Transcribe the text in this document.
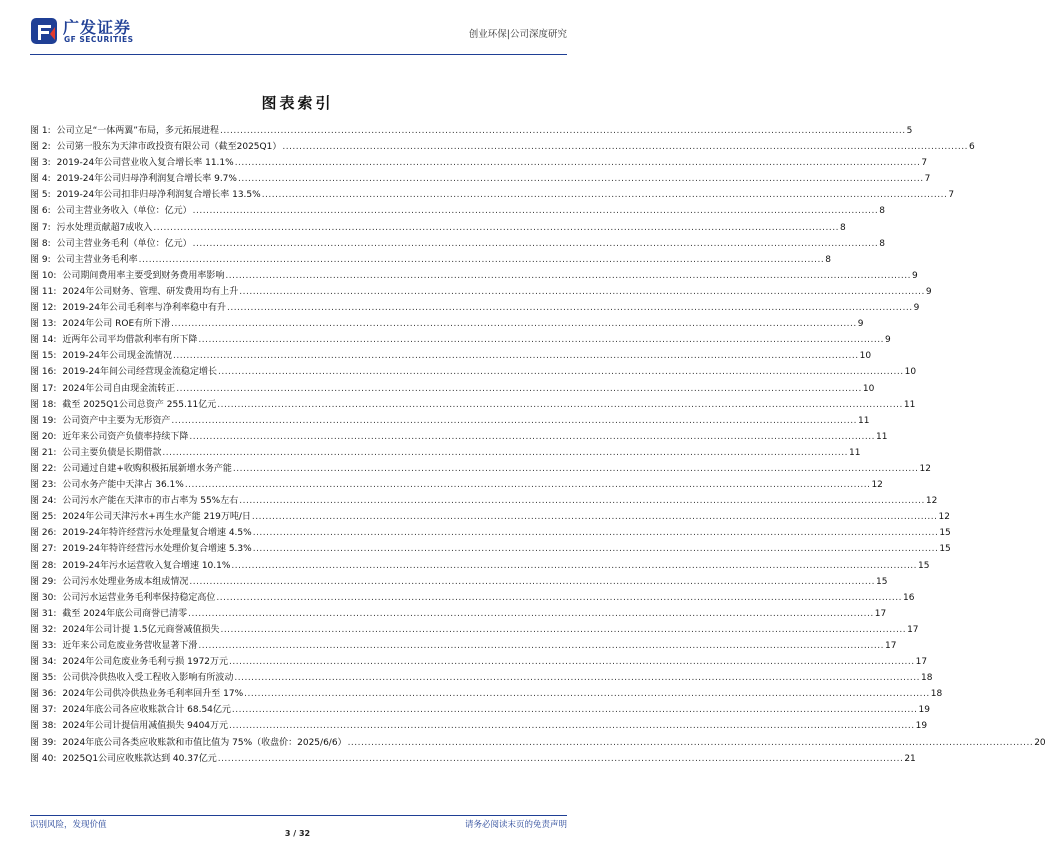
广发证券
GF SECURITIES	创业环保|公司深度研究
图表索引
图 1: 公司立足“一体两翼”布局，多元拓展进程 .....	5
图 2: 公司第一股东为天津市政投资有限公司（截至2025Q1） .....	6
图 3: 2019-24年公司营业收入复合增长率 11.1% .....	7
图 4: 2019-24年公司归母净利润复合增长率 9.7% .....	7
图 5: 2019-24年公司扣非归母净利润复合增长率 13.5% .....	7
图 6: 公司主营业务收入（单位：亿元） .....	8
图 7: 污水处理贡献超7成收入 .....	8
图 8: 公司主营业务毛利（单位：亿元） .....	8
图 9: 公司主营业务毛利率 .....	8
图 10: 公司期间费用率主要受到财务费用率影响 .....	9
图 11: 2024年公司财务、管理、研发费用均有上升 .....	9
图 12: 2019-24年公司毛利率与净利率稳中有升 .....	9
图 13: 2024年公司 ROE有所下滑 .....	9
图 14: 近两年公司平均借款利率有所下降 .....	9
图 15: 2019-24年公司现金流情况 .....	10
图 16: 2019-24年间公司经营现金流稳定增长 .....	10
图 17: 2024年公司自由现金流转正 .....	10
图 18: 截至 2025Q1公司总资产 255.11亿元 .....	11
图 19: 公司资产中主要为无形资产 .....	11
图 20: 近年来公司资产负债率持续下降 .....	11
图 21: 公司主要负债是长期借款 .....	11
图 22: 公司通过自建+收购积极拓展新增水务产能 .....	12
图 23: 公司水务产能中天津占 36.1% .....	12
图 24: 公司污水产能在天津市的市占率为 55%左右 .....	12
图 25: 2024年公司天津污水+再生水产能 219万吨/日 .....	12
图 26: 2019-24年特许经营污水处理量复合增速 4.5% .....	15
图 27: 2019-24年特许经营污水处理价复合增速 5.3% .....	15
图 28: 2019-24年污水运营收入复合增速 10.1% .....	15
图 29: 公司污水处理业务成本组成情况 .....	15
图 30: 公司污水运营业务毛利率保持稳定高位 .....	16
图 31: 截至 2024年底公司商誉已清零 .....	17
图 32: 2024年公司计提 1.5亿元商誉减值损失 .....	17
图 33: 近年来公司危废业务营收显著下滑 .....	17
图 34: 2024年公司危废业务毛利亏损 1972万元 .....	17
图 35: 公司供冷供热收入受工程收入影响有所波动 .....	18
图 36: 2024年公司供冷供热业务毛利率回升至 17% .....	18
图 37: 2024年底公司各应收账款合计 68.54亿元 .....	19
图 38: 2024年公司计提信用减值损失 9404万元 .....	19
图 39: 2024年底公司各类应收账款和市值比值为 75%（收盘价：2025/6/6） .....	20
图 40: 2025Q1公司应收账款达到 40.37亿元 .....	21
识别风险，发现价值	请务必阅读末页的免责声明
3 / 32
